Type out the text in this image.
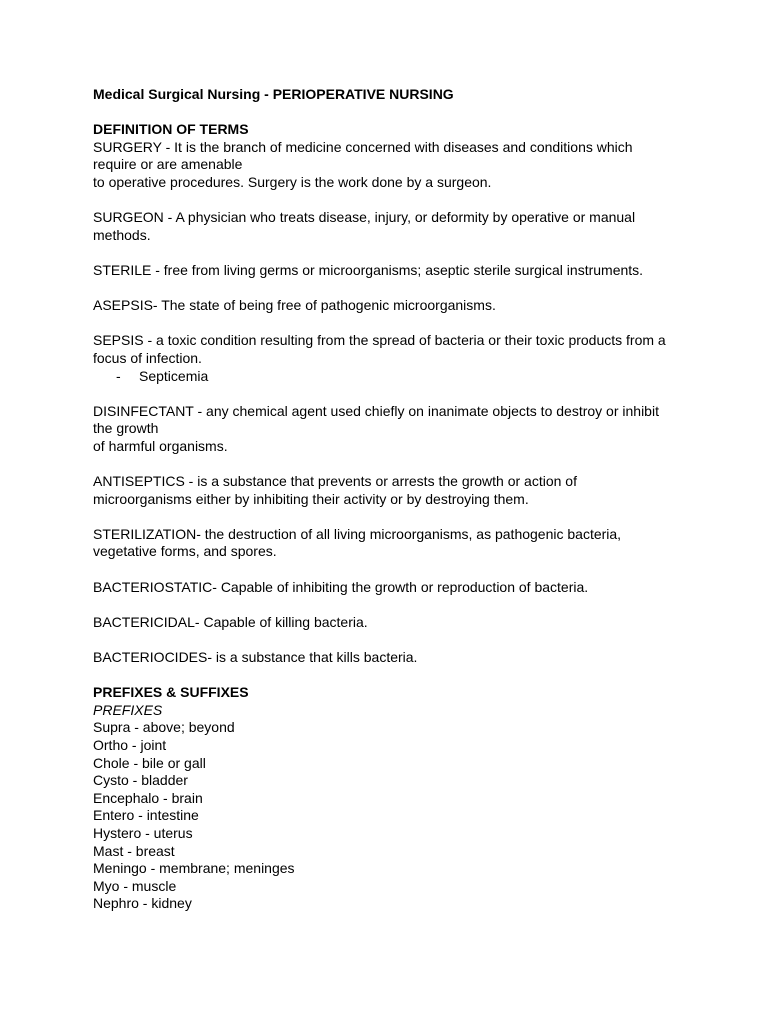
Medical Surgical Nursing - PERIOPERATIVE NURSING

DEFINITION OF TERMS

SURGERY - It is the branch of medicine concerned with diseases and conditions which

require or are amenable

to operative procedures. Surgery is the work done by a surgeon.

SURGEON - A physician who treats disease, injury, or deformity by operative or manual

methods.

STERILE - free from living germs or microorganisms; aseptic sterile surgical instruments.

ASEPSIS- The state of being free of pathogenic microorganisms.

SEPSIS - a toxic condition resulting from the spread of bacteria or their toxic products from a

focus of infection.

-	Septicemia

DISINFECTANT - any chemical agent used chiefly on inanimate objects to destroy or inhibit

the growth

of harmful organisms.

ANTISEPTICS - is a substance that prevents or arrests the growth or action of

microorganisms either by inhibiting their activity or by destroying them.

STERILIZATION- the destruction of all living microorganisms, as pathogenic bacteria,

vegetative forms, and spores.

BACTERIOSTATIC- Capable of inhibiting the growth or reproduction of bacteria.

BACTERICIDAL- Capable of killing bacteria.

BACTERIOCIDES- is a substance that kills bacteria.

PREFIXES & SUFFIXES

PREFIXES

Supra - above; beyond

Ortho - joint

Chole - bile or gall

Cysto - bladder

Encephalo - brain

Entero - intestine

Hystero - uterus

Mast - breast

Meningo - membrane; meninges

Myo - muscle

Nephro - kidney
